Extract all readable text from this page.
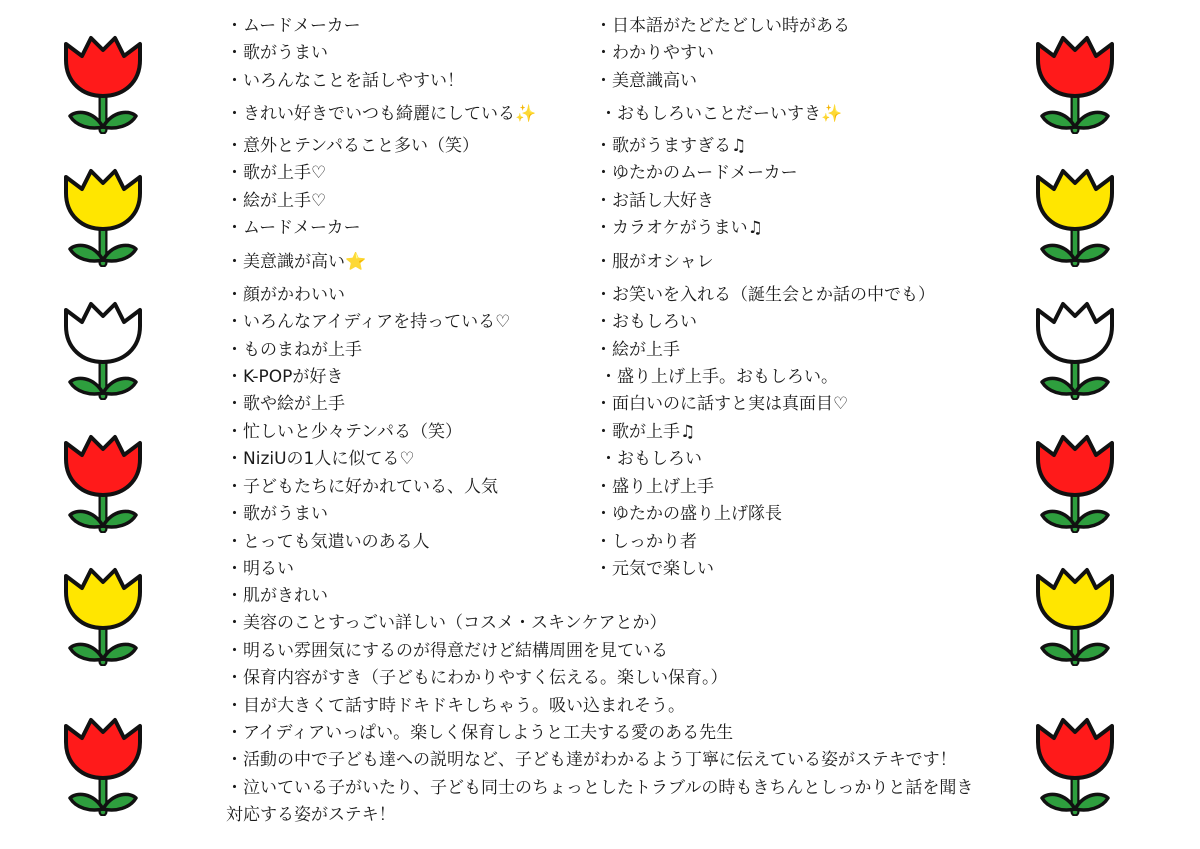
・ムードメーカー
・歌がうまい
・いろんなことを話しやすい！
・きれい好きでいつも綺麗にしている✨
・意外とテンパること多い（笑）
・歌が上手♡
・絵が上手♡
・ムードメーカー
・美意識が高い⭐
・顔がかわいい
・いろんなアイディアを持っている♡
・ものまねが上手
・K-POPが好き
・歌や絵が上手
・忙しいと少々テンパる（笑）
・NiziUの1人に似てる♡
・子どもたちに好かれている、人気
・歌がうまい
・とっても気遣いのある人
・明るい
・肌がきれい
・日本語がたどたどしい時がある
・わかりやすい
・美意識高い
・おもしろいことだーいすき✨
・歌がうますぎる♫
・ゆたかのムードメーカー
・お話し大好き
・カラオケがうまい♫
・服がオシャレ
・お笑いを入れる（誕生会とか話の中でも）
・おもしろい
・絵が上手
・盛り上げ上手。おもしろい。
・面白いのに話すと実は真面目♡
・歌が上手♫
・おもしろい
・盛り上げ上手
・ゆたかの盛り上げ隊長
・しっかり者
・元気で楽しい
・美容のことすっごい詳しい（コスメ・スキンケアとか）
・明るい雰囲気にするのが得意だけど結構周囲を見ている
・保育内容がすき（子どもにわかりやすく伝える。楽しい保育。）
・目が大きくて話す時ドキドキしちゃう。吸い込まれそう。
・アイディアいっぱい。楽しく保育しようと工夫する愛のある先生
・活動の中で子ども達への説明など、子ども達がわかるよう丁寧に伝えている姿がステキです！
・泣いている子がいたり、子ども同士のちょっとしたトラブルの時もきちんとしっかりと話を聞き対応する姿がステキ！
